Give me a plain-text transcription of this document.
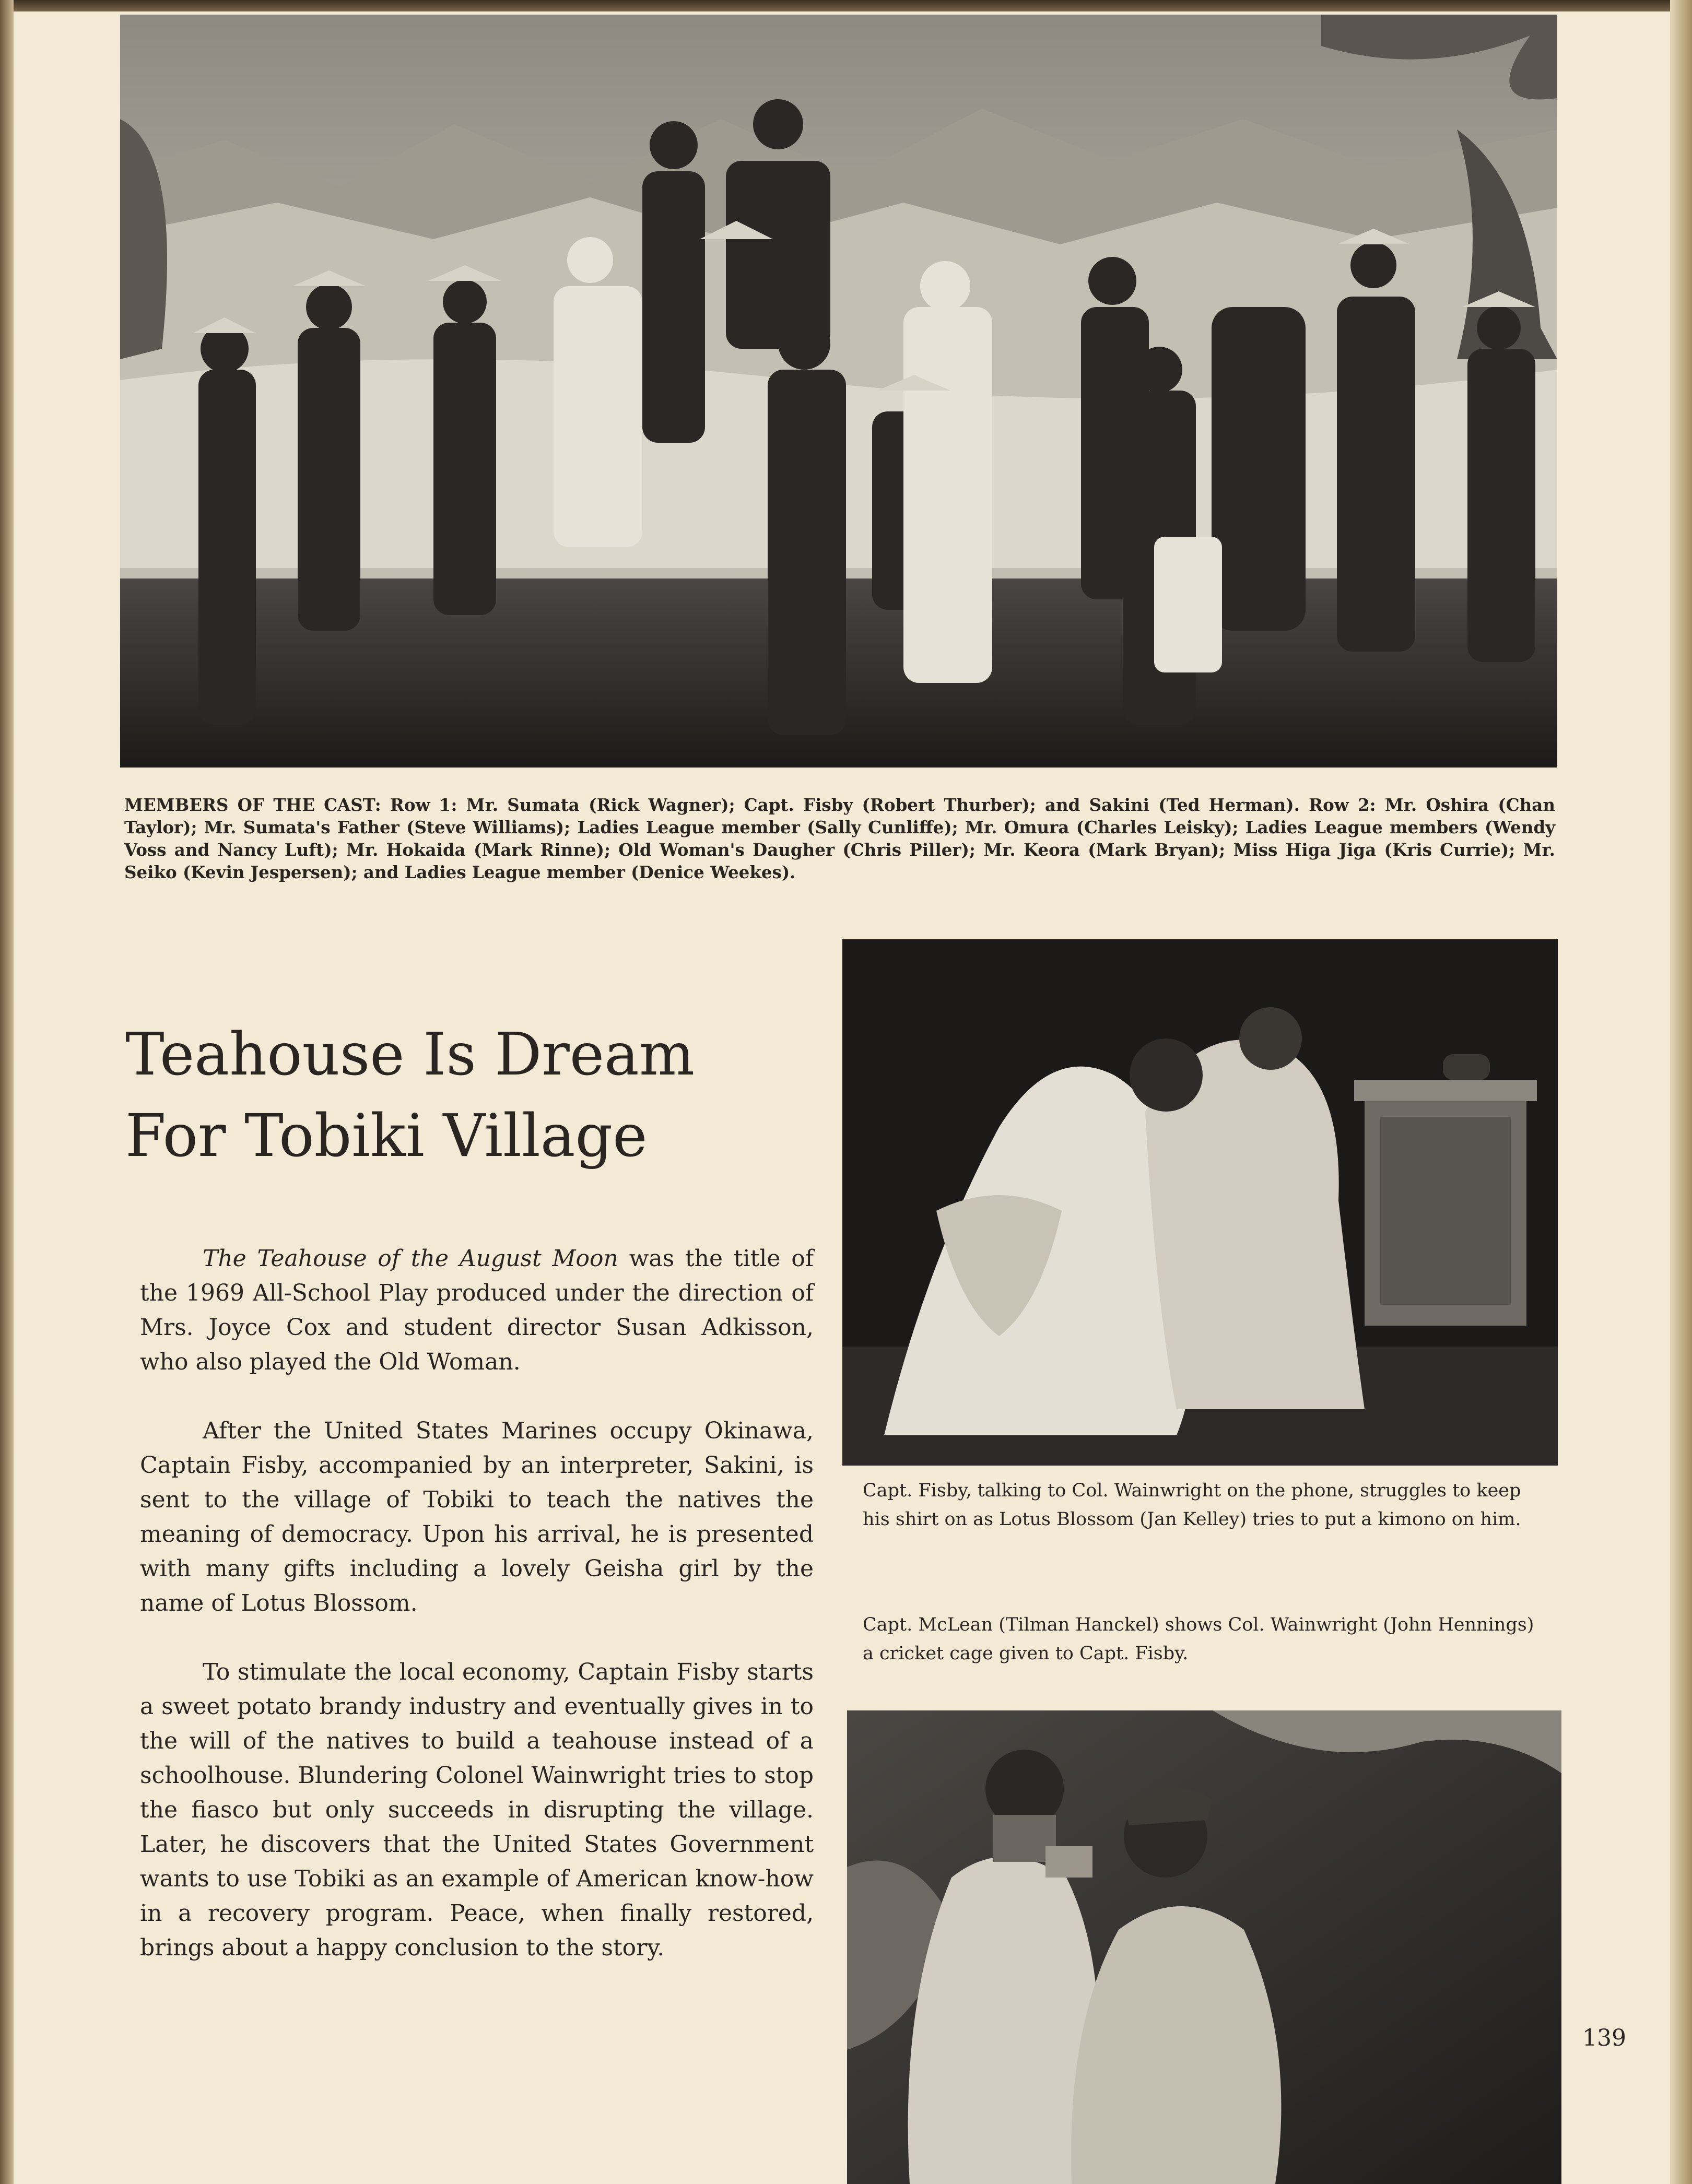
MEMBERS OF THE CAST: Row 1: Mr. Sumata (Rick Wagner); Capt. Fisby (Robert Thurber); and Sakini (Ted Herman). Row 2: Mr. Oshira (Chan Taylor); Mr. Sumata's Father (Steve Williams); Ladies League member (Sally Cunliffe); Mr. Omura (Charles Leisky); Ladies League members (Wendy Voss and Nancy Luft); Mr. Hokaida (Mark Rinne); Old Woman's Daugher (Chris Piller); Mr. Keora (Mark Bryan); Miss Higa Jiga (Kris Currie); Mr. Seiko (Kevin Jespersen); and Ladies League member (Denice Weekes).
Teahouse Is Dream
For Tobiki Village

The Teahouse of the August Moon was the title of the 1969 All-School Play produced under the direction of Mrs. Joyce Cox and student director Susan Adkisson, who also played the Old Woman.

After the United States Marines occupy Okinawa, Captain Fisby, accompanied by an interpreter, Sakini, is sent to the village of Tobiki to teach the natives the meaning of democracy. Upon his arrival, he is presented with many gifts including a lovely Geisha girl by the name of Lotus Blossom.

To stimulate the local economy, Captain Fisby starts a sweet potato brandy industry and eventually gives in to the will of the natives to build a teahouse instead of a schoolhouse. Blundering Colonel Wainwright tries to stop the fiasco but only succeeds in disrupting the village. Later, he discovers that the United States Government wants to use Tobiki as an example of American know-how in a recovery program. Peace, when finally restored, brings about a happy conclusion to the story.

Capt. Fisby, talking to Col. Wainwright on the phone, struggles to keep his shirt on as Lotus Blossom (Jan Kelley) tries to put a kimono on him.
Capt. McLean (Tilman Hanckel) shows Col. Wainwright (John Hennings) a cricket cage given to Capt. Fisby.
139
